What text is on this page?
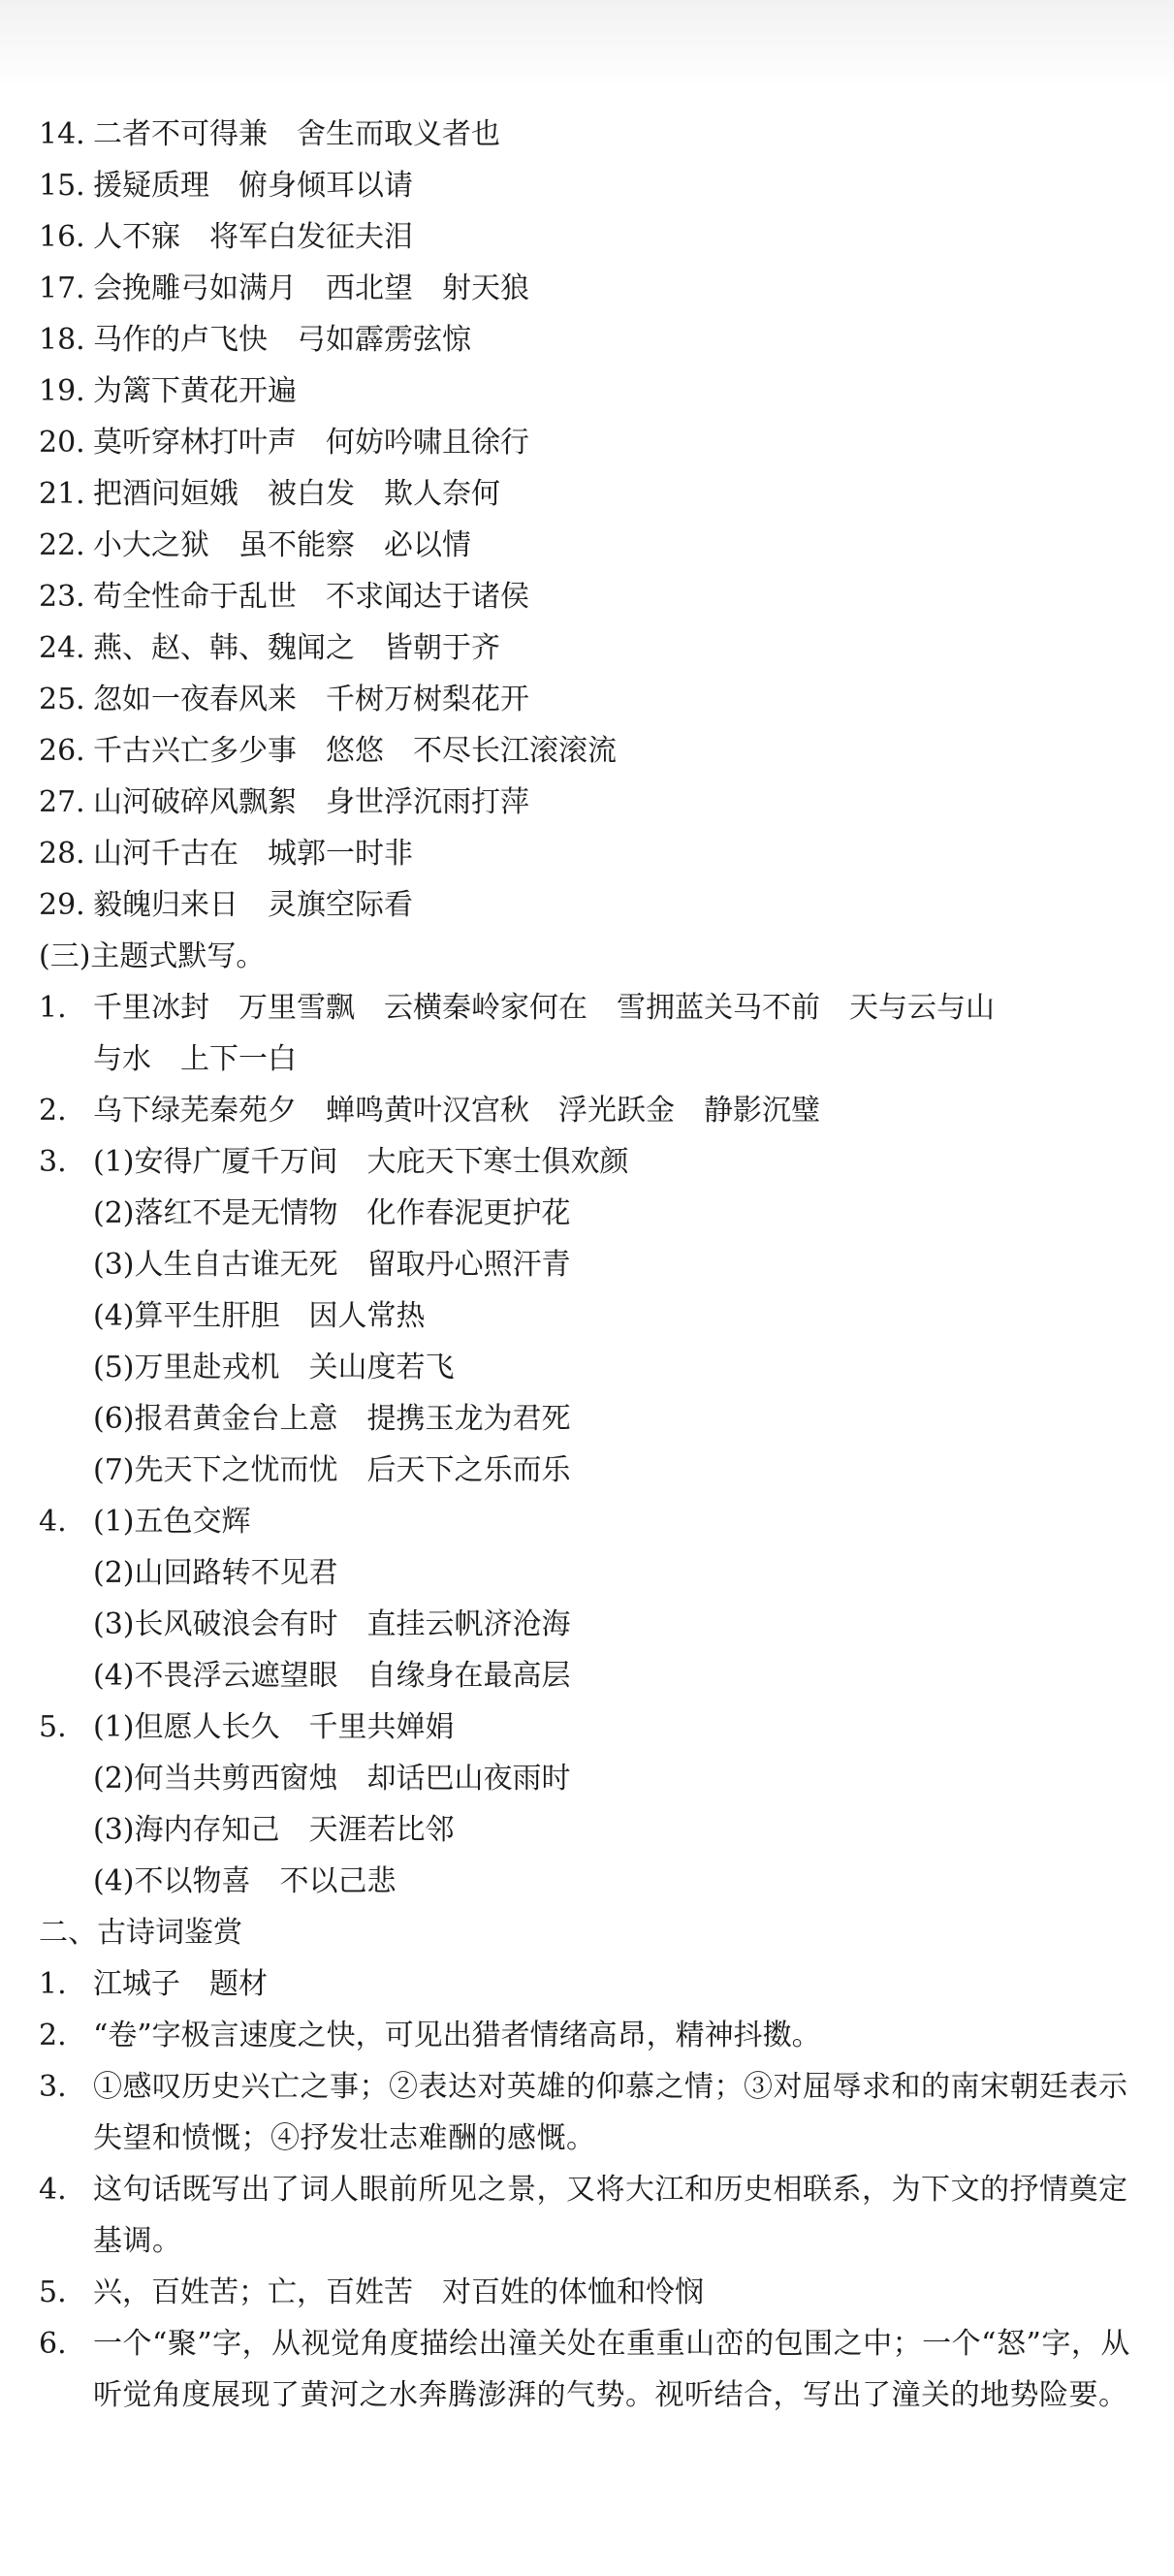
14. 二者不可得兼　舍生而取义者也
15. 援疑质理　俯身倾耳以请
16. 人不寐　将军白发征夫泪
17. 会挽雕弓如满月　西北望　射天狼
18. 马作的卢飞快　弓如霹雳弦惊
19. 为篱下黄花开遍
20. 莫听穿林打叶声　何妨吟啸且徐行
21. 把酒问姮娥　被白发　欺人奈何
22. 小大之狱　虽不能察　必以情
23. 苟全性命于乱世　不求闻达于诸侯
24. 燕、赵、韩、魏闻之　皆朝于齐
25. 忽如一夜春风来　千树万树梨花开
26. 千古兴亡多少事　悠悠　不尽长江滚滚流
27. 山河破碎风飘絮　身世浮沉雨打萍
28. 山河千古在　城郭一时非
29. 毅魄归来日　灵旗空际看
(三)主题式默写。
1. 千里冰封　万里雪飘　云横秦岭家何在　雪拥蓝关马不前　天与云与山
与水　上下一白
2. 乌下绿芜秦苑夕　蝉鸣黄叶汉宫秋　浮光跃金　静影沉璧
3. (1)安得广厦千万间　大庇天下寒士俱欢颜
(2)落红不是无情物　化作春泥更护花
(3)人生自古谁无死　留取丹心照汗青
(4)算平生肝胆　因人常热
(5)万里赴戎机　关山度若飞
(6)报君黄金台上意　提携玉龙为君死
(7)先天下之忧而忧　后天下之乐而乐
4. (1)五色交辉
(2)山回路转不见君
(3)长风破浪会有时　直挂云帆济沧海
(4)不畏浮云遮望眼　自缘身在最高层
5. (1)但愿人长久　千里共婵娟
(2)何当共剪西窗烛　却话巴山夜雨时
(3)海内存知己　天涯若比邻
(4)不以物喜　不以己悲
二、古诗词鉴赏
1. 江城子　题材
2. “卷”字极言速度之快，可见出猎者情绪高昂，精神抖擞。
3. ①感叹历史兴亡之事；②表达对英雄的仰慕之情；③对屈辱求和的南宋朝廷表示失望和愤慨；④抒发壮志难酬的感慨。
4. 这句话既写出了词人眼前所见之景，又将大江和历史相联系，为下文的抒情奠定基调。
5. 兴，百姓苦；亡，百姓苦　对百姓的体恤和怜悯
6. 一个“聚”字，从视觉角度描绘出潼关处在重重山峦的包围之中；一个“怒”字，从听觉角度展现了黄河之水奔腾澎湃的气势。视听结合，写出了潼关的地势险要。
